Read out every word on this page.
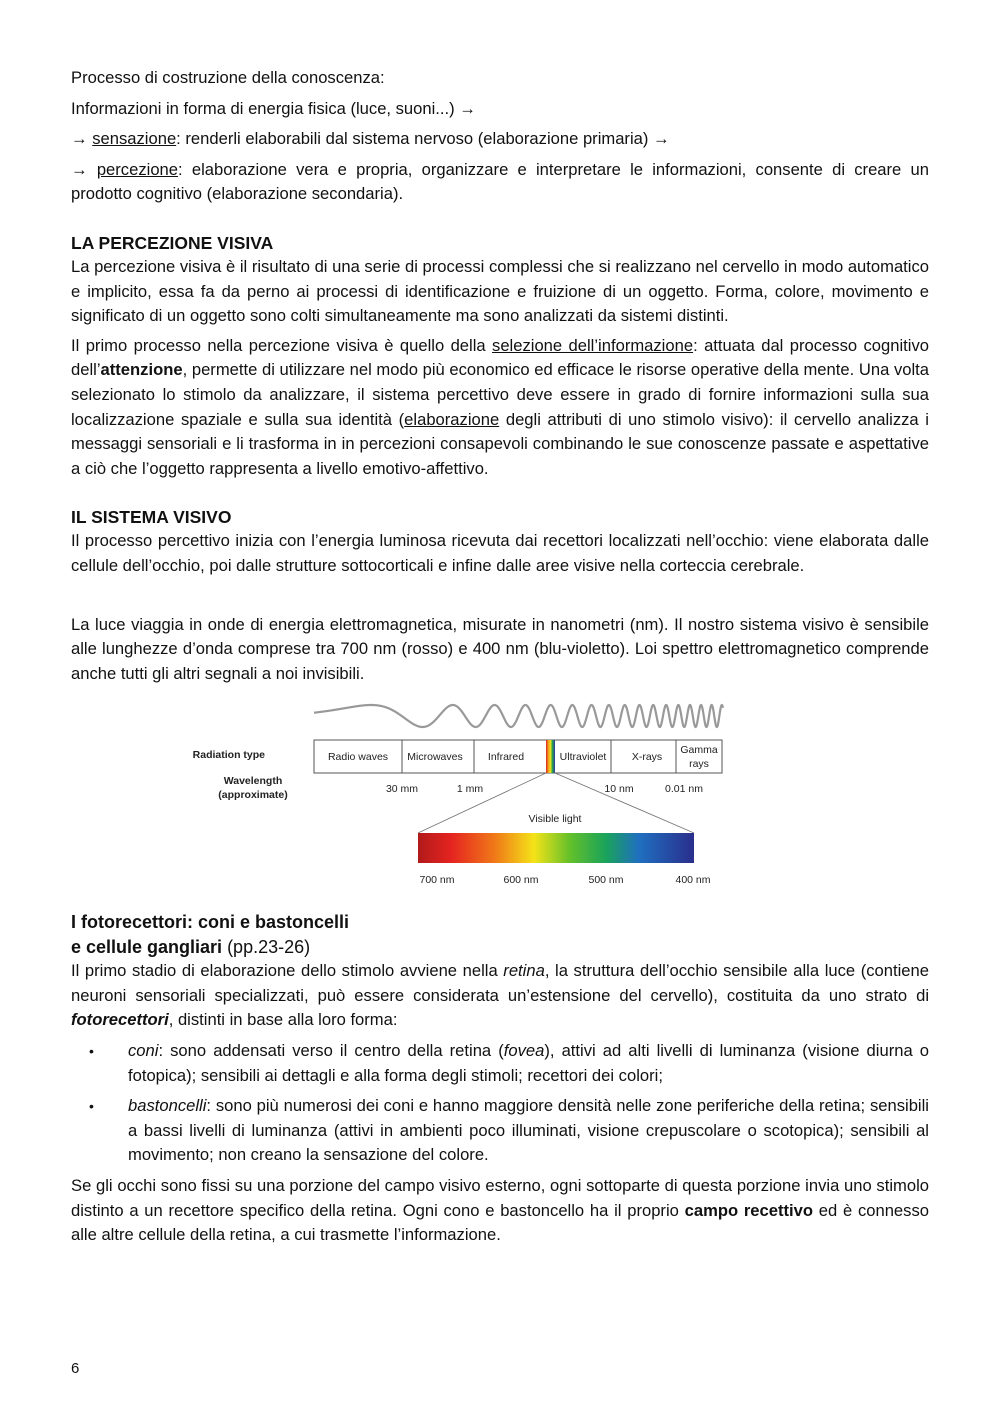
Processo di costruzione della conoscenza:

Informazioni in forma di energia fisica (luce, suoni...) →

→ sensazione: renderli elaborabili dal sistema nervoso (elaborazione primaria) →

→ percezione: elaborazione vera e propria, organizzare e interpretare le informazioni, consente di creare un prodotto cognitivo (elaborazione secondaria).

LA PERCEZIONE VISIVA

La percezione visiva è il risultato di una serie di processi complessi che si realizzano nel cervello in modo automatico e implicito, essa fa da perno ai processi di identificazione e fruizione di un oggetto. Forma, colore, movimento e significato di un oggetto sono colti simultaneamente ma sono analizzati da sistemi distinti.

Il primo processo nella percezione visiva è quello della selezione dell’informazione: attuata dal processo cognitivo dell’attenzione, permette di utilizzare nel modo più economico ed efficace le risorse operative della mente. Una volta selezionato lo stimolo da analizzare, il sistema percettivo deve essere in grado di fornire informazioni sulla sua localizzazione spaziale e sulla sua identità (elaborazione degli attributi di uno stimolo visivo): il cervello analizza i messaggi sensoriali e li trasforma in in percezioni consapevoli combinando le sue conoscenze passate e aspettative a ciò che l’oggetto rappresenta a livello emotivo-affettivo.

IL SISTEMA VISIVO

Il processo percettivo inizia con l’energia luminosa ricevuta dai recettori localizzati nell’occhio: viene elaborata dalle cellule dell’occhio, poi dalle strutture sottocorticali e infine dalle aree visive nella corteccia cerebrale.

La luce viaggia in onde di energia elettromagnetica, misurate in nanometri (nm). Il nostro sistema visivo è sensibile alle lunghezze d’onda comprese tra 700 nm (rosso) e 400 nm (blu-violetto). Loi spettro elettromagnetico comprende anche tutti gli altri segnali a noi invisibili.

Radiation type
Wavelength
(approximate)
Radio waves Microwaves Infrared	Ultraviolet X-rays
Gamma
rays
30 mm	1 mm	10 nm	0.01 nm
Visible light
700 nm	600 nm	500 nm	400 nm
I fotorecettori: coni e bastoncelli
e cellule gangliari (pp.23-26)

Il primo stadio di elaborazione dello stimolo avviene nella retina, la struttura dell’occhio sensibile alla luce (contiene neuroni sensoriali specializzati, può essere considerata un’estensione del cervello), costituita da uno strato di fotorecettori, distinti in base alla loro forma:

• coni: sono addensati verso il centro della retina (fovea), attivi ad alti livelli di luminanza (visione diurna o fotopica); sensibili ai dettagli e alla forma degli stimoli; recettori dei colori;
• bastoncelli: sono più numerosi dei coni e hanno maggiore densità nelle zone periferiche della retina; sensibili a bassi livelli di luminanza (attivi in ambienti poco illuminati, visione crepuscolare o scotopica); sensibili al movimento; non creano la sensazione del colore.

Se gli occhi sono fissi su una porzione del campo visivo esterno, ogni sottoparte di questa porzione invia uno stimolo distinto a un recettore specifico della retina. Ogni cono e bastoncello ha il proprio campo recettivo ed è connesso alle altre cellule della retina, a cui trasmette l’informazione.

6
